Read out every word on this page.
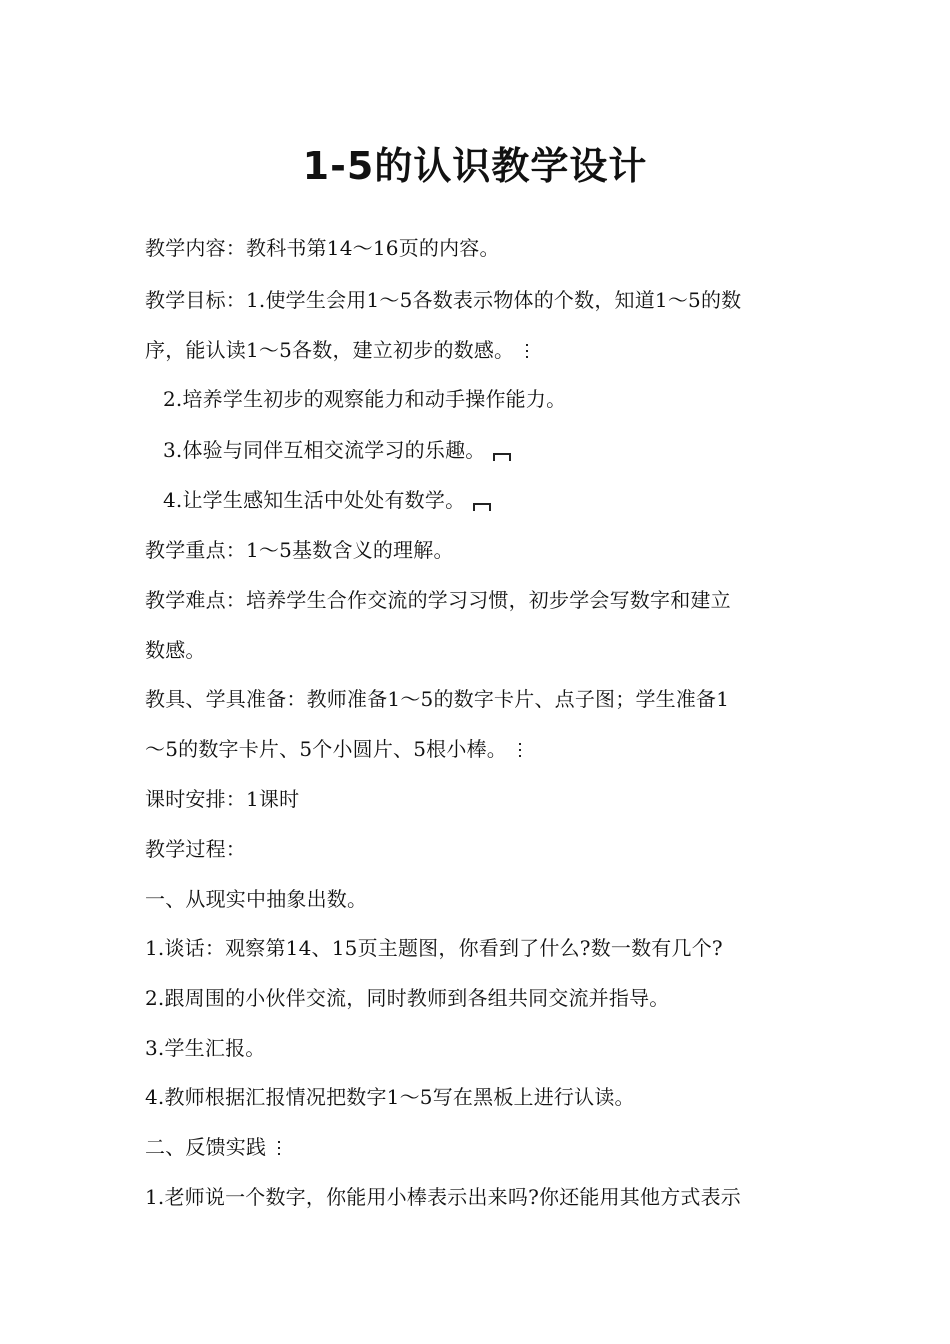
1-5的认识教学设计
教学内容：教科书第14～16页的内容。
教学目标：1.使学生会用1～5各数表示物体的个数，知道1～5的数
序，能认读1～5各数，建立初步的数感。
2.培养学生初步的观察能力和动手操作能力。
3.体验与同伴互相交流学习的乐趣。
4.让学生感知生活中处处有数学。
教学重点：1～5基数含义的理解。
教学难点：培养学生合作交流的学习习惯，初步学会写数字和建立
数感。
教具、学具准备：教师准备1～5的数字卡片、点子图；学生准备1
～5的数字卡片、5个小圆片、5根小棒。
课时安排：1课时
教学过程：
一、从现实中抽象出数。
1.谈话：观察第14、15页主题图，你看到了什么?数一数有几个?
2.跟周围的小伙伴交流，同时教师到各组共同交流并指导。
3.学生汇报。
4.教师根据汇报情况把数字1～5写在黑板上进行认读。
二、反馈实践
1.老师说一个数字，你能用小棒表示出来吗?你还能用其他方式表示
